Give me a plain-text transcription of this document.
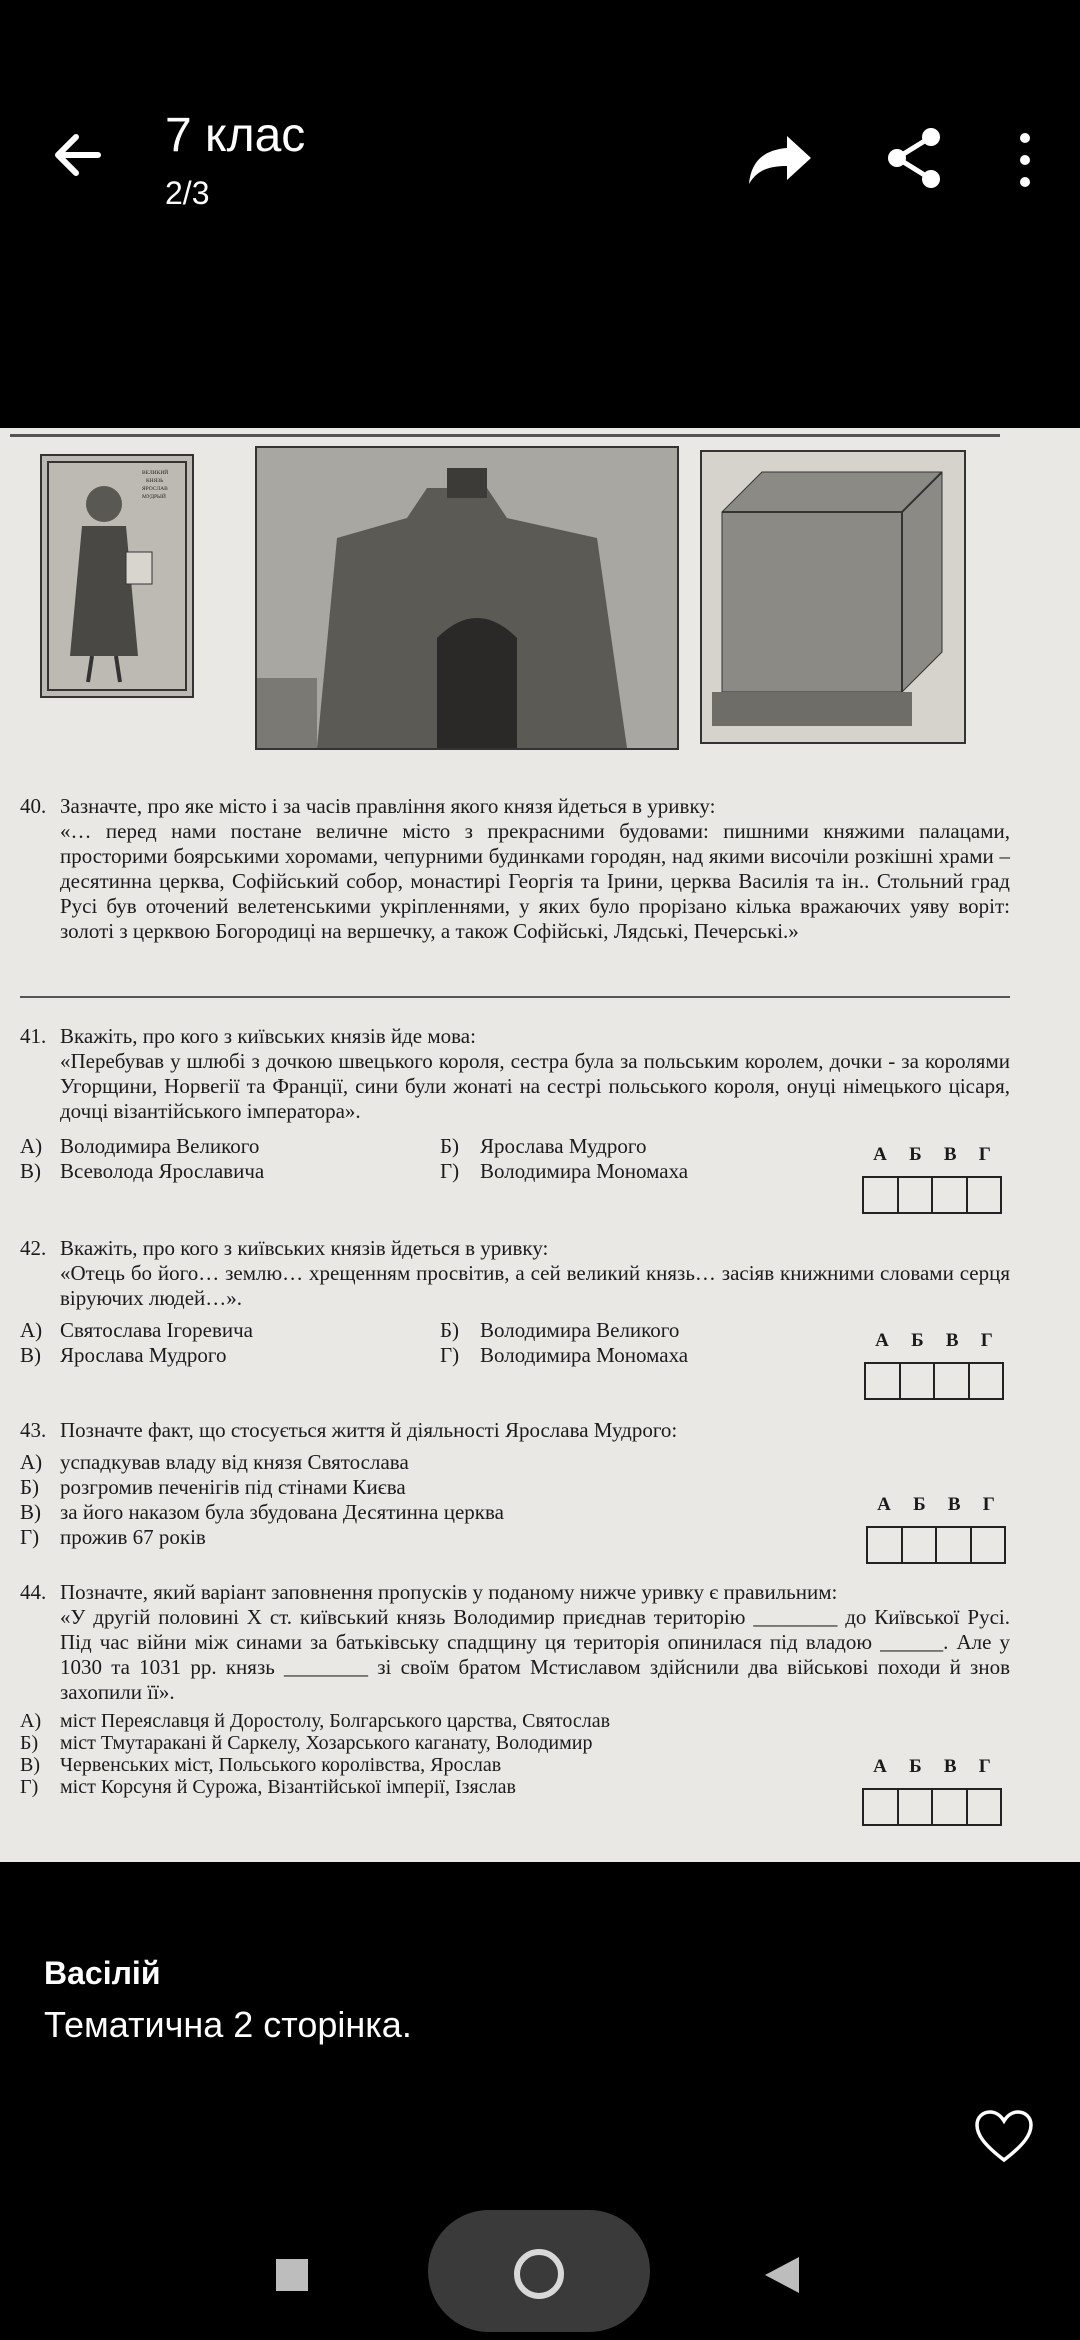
7 клас
2/3
ВЕЛИКИЙ
КНЯЗЬ
ЯРОСЛАВ
МУДРЫЙ

40. Зазначте, про яке місто і за часів правління якого князя йдеться в уривку:

«… перед нами постане величне місто з прекрасними будовами: пишними княжими палацами, просторими боярськими хоромами, чепурними будинками городян, над якими височіли розкішні храми – десятинна церква, Софійський собор, монастирі Георгія та Ірини, церква Василія та ін.. Стольний град Русі був оточений велетенськими укріпленнями, у яких було прорізано кілька вражаючих уяву воріт: золоті з церквою Богородиці на вершечку, а також Софійські, Лядські, Печерські.»

41. Вкажіть, про кого з київських князів йде мова:

«Перебував у шлюбі з дочкою швецького короля, сестра була за польським королем, дочки - за королями Угорщини, Норвегії та Франції, сини були жонаті на сестрі польського короля, онуці німецького цісаря, дочці візантійського імператора».

А) Володимира Великого
В) Всеволода Ярославича
Б) Ярослава Мудрого
Г) Володимира Мономаха
А Б В Г

42. Вкажіть, про кого з київських князів йдеться в уривку:

«Отець бо його… землю… хрещенням просвітив, а сей великий князь… засіяв книжними словами серця віруючих людей…».

А) Святослава Ігоревича
В) Ярослава Мудрого
Б) Володимира Великого
Г) Володимира Мономаха
А Б В Г

43. Позначте факт, що стосується життя й діяльності Ярослава Мудрого:

А) успадкував владу від князя Святослава
Б) розгромив печенігів під стінами Києва
В) за його наказом була збудована Десятинна церква
Г) прожив 67 років
А Б В Г

44. Позначте, який варіант заповнення пропусків у поданому нижче уривку є правильним:

«У другій половині X ст. київський князь Володимир приєднав територію ________ до Київської Русі. Під час війни між синами за батьківську спадщину ця територія опинилася під владою ______. Але у 1030 та 1031 рр. князь ________ зі своїм братом Мстиславом здійснили два військові походи й знов захопили її».

А) міст Переяславця й Доростолу, Болгарського царства, Святослав
Б) міст Тмутаракані й Саркелу, Хозарського каганату, Володимир
В) Червенських міст, Польського королівства, Ярослав
Г) міст Корсуня й Сурожа, Візантійської імперії, Ізяслав
А Б В Г
Васілій
Тематична 2 сторінка.
